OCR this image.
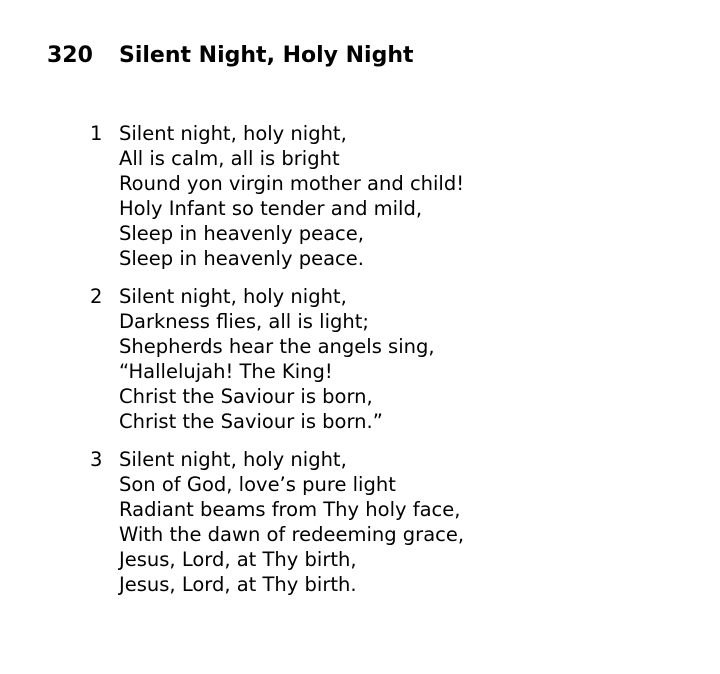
320 Silent Night, Holy Night
1 Silent night, holy night,
All is calm, all is bright
Round yon virgin mother and child!
Holy Infant so tender and mild,
Sleep in heavenly peace,
Sleep in heavenly peace.
2 Silent night, holy night,
Darkness flies, all is light;
Shepherds hear the angels sing,
“Hallelujah! The King!
Christ the Saviour is born,
Christ the Saviour is born.”
3 Silent night, holy night,
Son of God, love’s pure light
Radiant beams from Thy holy face,
With the dawn of redeeming grace,
Jesus, Lord, at Thy birth,
Jesus, Lord, at Thy birth.
